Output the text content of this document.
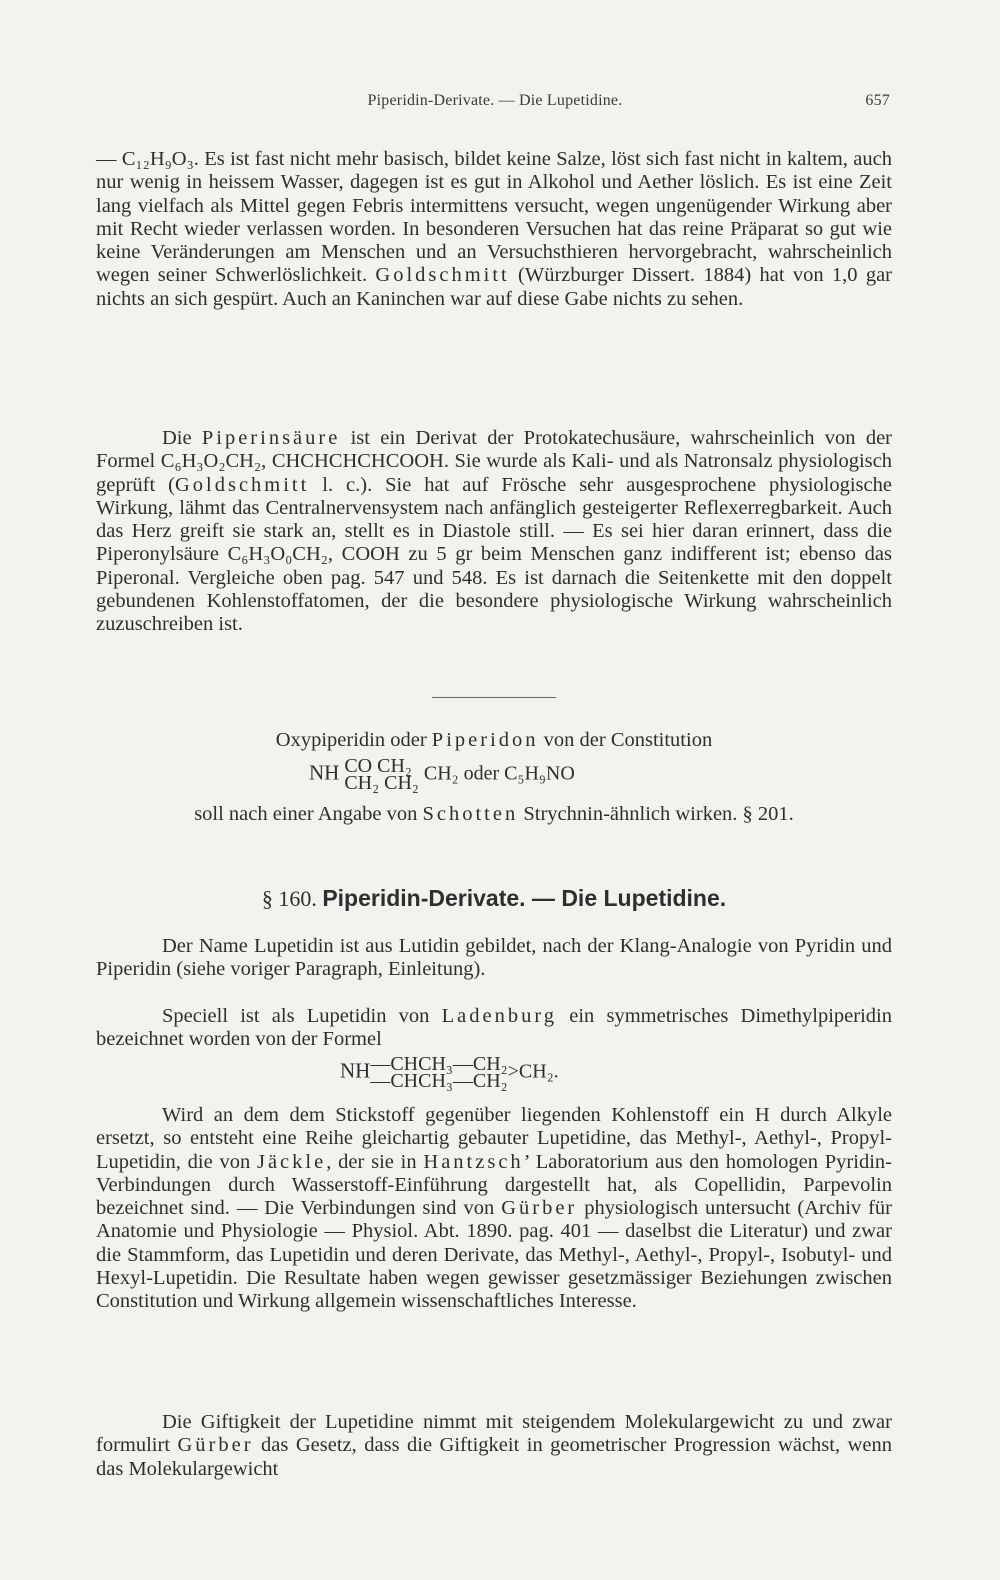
Piperidin-Derivate. — Die Lupetidine.	657

— C₁₂H₉O₃. Es ist fast nicht mehr basisch, bildet keine Salze, löst sich fast nicht in kaltem, auch nur wenig in heissem Wasser, dagegen ist es gut in Alkohol und Aether löslich. Es ist eine Zeit lang vielfach als Mittel gegen Febris intermittens versucht, wegen ungenügender Wirkung aber mit Recht wieder verlassen worden. In besonderen Versuchen hat das reine Präparat so gut wie keine Veränderungen am Menschen und an Versuchsthieren hervorgebracht, wahrscheinlich wegen seiner Schwerlöslichkeit. Goldschmitt (Würzburger Dissert. 1884) hat von 1,0 gar nichts an sich gespürt. Auch an Kaninchen war auf diese Gabe nichts zu sehen.

Die Piperinsäure ist ein Derivat der Protokatechusäure, wahrscheinlich von der Formel C₆H₃O₂CH₂, CHCHCHCHCOOH. Sie wurde als Kali- und als Natronsalz physiologisch geprüft (Goldschmitt l. c.). Sie hat auf Frösche sehr ausgesprochene physiologische Wirkung, lähmt das Centralnervensystem nach anfänglich gesteigerter Reflexerregbarkeit. Auch das Herz greift sie stark an, stellt es in Diastole still. — Es sei hier daran erinnert, dass die Piperonylsäure C₆H₃O₀CH₂, COOH zu 5 gr beim Menschen ganz indifferent ist; ebenso das Piperonal. Vergleiche oben pag. 547 und 548. Es ist darnach die Seitenkette mit den doppelt gebundenen Kohlenstoffatomen, der die besondere physiologische Wirkung wahrscheinlich zuzuschreiben ist.

Oxypiperidin oder Piperidon von der Constitution
NH CO CH₂
CH₂ CH₂ CH₂ oder C₅H₉NO
soll nach einer Angabe von Schotten Strychnin-ähnlich wirken. § 201.
§ 160. Piperidin-Derivate. — Die Lupetidine.

Der Name Lupetidin ist aus Lutidin gebildet, nach der Klang-Analogie von Pyridin und Piperidin (siehe voriger Paragraph, Einleitung).

Speciell ist als Lupetidin von Ladenburg ein symmetrisches Dimethylpiperidin bezeichnet worden von der Formel

NH —CHCH₃—CH₂
—CHCH₃—CH₂ >CH₂.

Wird an dem dem Stickstoff gegenüber liegenden Kohlenstoff ein H durch Alkyle ersetzt, so entsteht eine Reihe gleichartig gebauter Lupetidine, das Methyl-, Aethyl-, Propyl-Lupetidin, die von Jäckle, der sie in Hantzsch’ Laboratorium aus den homologen Pyridin-Verbindungen durch Wasserstoff-Einführung dargestellt hat, als Copellidin, Parpevolin bezeichnet sind. — Die Verbindungen sind von Gürber physiologisch untersucht (Archiv für Anatomie und Physiologie — Physiol. Abt. 1890. pag. 401 — daselbst die Literatur) und zwar die Stammform, das Lupetidin und deren Derivate, das Methyl-, Aethyl-, Propyl-, Isobutyl- und Hexyl-Lupetidin. Die Resultate haben wegen gewisser gesetzmässiger Beziehungen zwischen Constitution und Wirkung allgemein wissenschaftliches Interesse.

Die Giftigkeit der Lupetidine nimmt mit steigendem Molekulargewicht zu und zwar formulirt Gürber das Gesetz, dass die Giftigkeit in geometrischer Progression wächst, wenn das Molekulargewicht
